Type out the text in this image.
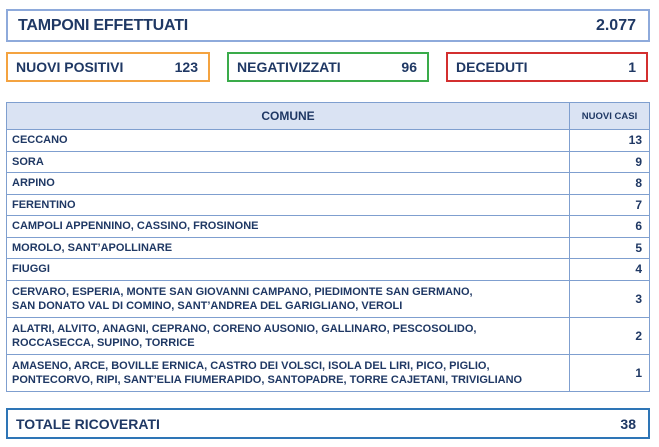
TAMPONI EFFETTUATI	2.077
NUOVI POSITIVI	123	NEGATIVIZZATI	96	DECEDUTI	1
COMUNE	NUOVI CASI
CECCANO	13
SORA	9
ARPINO	8
FERENTINO	7
CAMPOLI APPENNINO, CASSINO, FROSINONE	6
MOROLO, SANT’APOLLINARE	5
FIUGGI	4

CERVARO, ESPERIA, MONTE SAN GIOVANNI CAMPANO, PIEDIMONTE SAN GERMANO,
SAN DONATO VAL DI COMINO, SANT’ANDREA DEL GARIGLIANO, VEROLI	3

ALATRI, ALVITO, ANAGNI, CEPRANO, CORENO AUSONIO, GALLINARO, PESCOSOLIDO,
ROCCASECCA, SUPINO, TORRICE	2

AMASENO, ARCE, BOVILLE ERNICA, CASTRO DEI VOLSCI, ISOLA DEL LIRI, PICO, PIGLIO,
PONTECORVO, RIPI, SANT’ELIA FIUMERAPIDO, SANTOPADRE, TORRE CAJETANI, TRIVIGLIANO	1
TOTALE RICOVERATI	38
